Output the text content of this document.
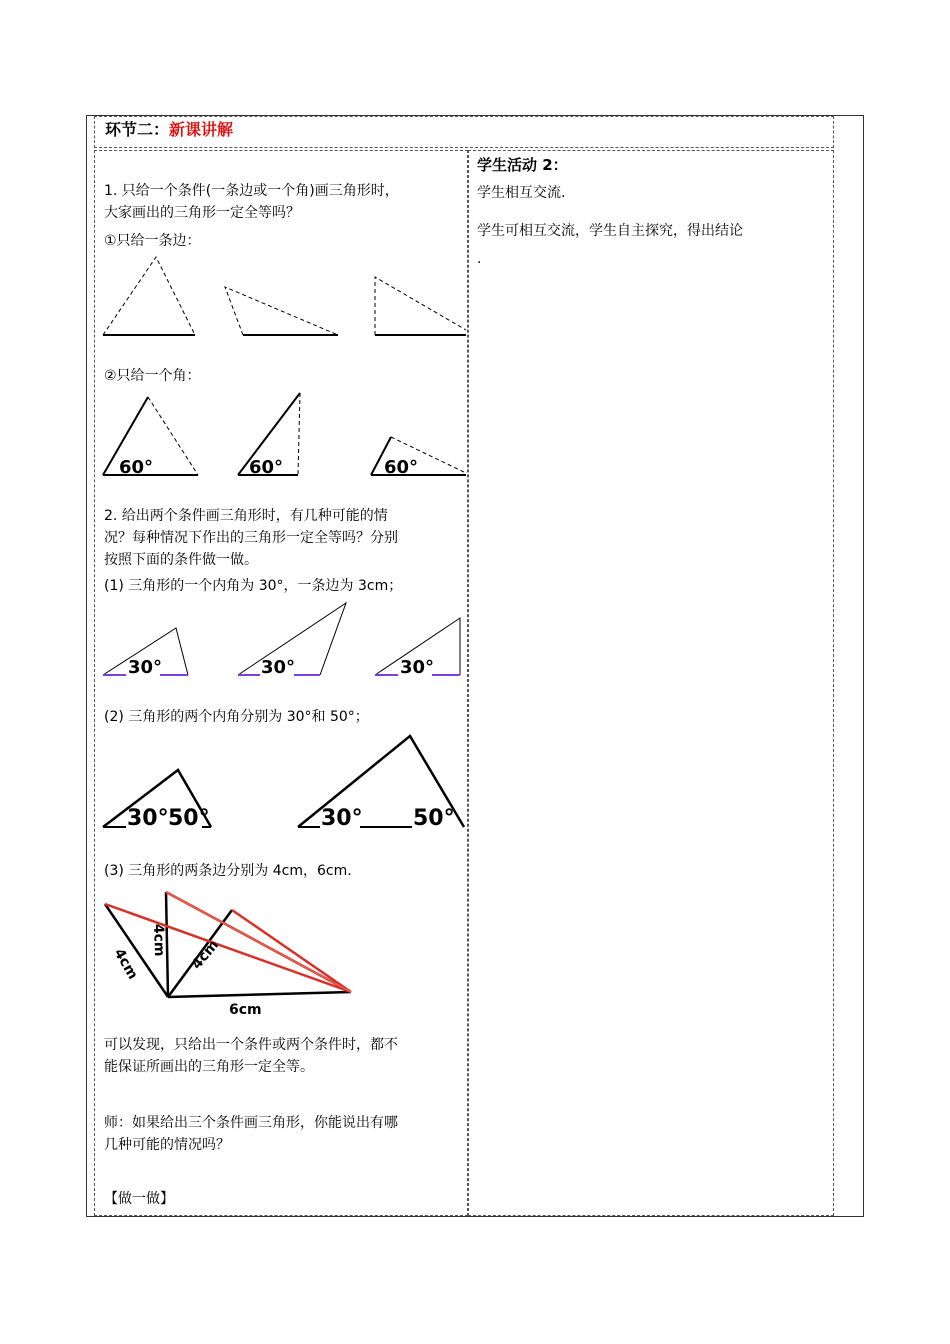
环节二：新课讲解
1. 只给一个条件(一条边或一个角)画三角形时，
大家画出的三角形一定全等吗？
①只给一条边：
②只给一个角：
2. 给出两个条件画三角形时，有几种可能的情
况？每种情况下作出的三角形一定全等吗？分别
按照下面的条件做一做。
(1) 三角形的一个内角为 30°，一条边为 3cm；
(2) 三角形的两个内角分别为 30°和 50°；
(3) 三角形的两条边分别为 4cm，6cm.
可以发现，只给出一个条件或两个条件时，都不
能保证所画出的三角形一定全等。
师：如果给出三个条件画三角形，你能说出有哪
几种可能的情况吗？
【做一做】
学生活动 2：
学生相互交流.
学生可相互交流，学生自主探究，得出结论
.
60°	60°	60°
30°	30°	30°
30° 50°	30° 50°
4cm
4cm 4cm
6cm
